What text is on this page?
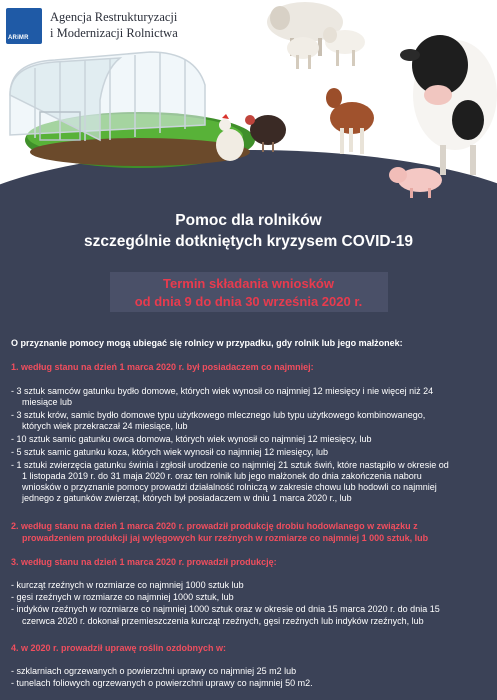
ARiMR
Agencja Restrukturyzacji
i Modernizacji Rolnictwa
Pomoc dla rolników
szczególnie dotkniętych kryzysem COVID-19
Termin składania wniosków
od dnia 9 do dnia 30 września 2020 r.
O przyznanie pomocy mogą ubiegać się rolnicy w przypadku, gdy rolnik lub jego małżonek:
1. według stanu na dzień 1 marca 2020 r. był posiadaczem co najmniej:
- 3 sztuk samców gatunku bydło domowe, których wiek wynosił co najmniej 12 miesięcy i nie więcej niż 24
miesiące lub
- 3 sztuk krów, samic bydło domowe typu użytkowego mlecznego lub typu użytkowego kombinowanego,
których wiek przekraczał 24 miesiące, lub
- 10 sztuk samic gatunku owca domowa, których wiek wynosił co najmniej 12 miesięcy, lub
- 5 sztuk samic gatunku koza, których wiek wynosił co najmniej 12 miesięcy, lub
- 1 sztuki zwierzęcia gatunku świnia i zgłosił urodzenie co najmniej 21 sztuk świń, które nastąpiło w okresie od
1 listopada 2019 r. do 31 maja 2020 r. oraz ten rolnik lub jego małżonek do dnia zakończenia naboru
wniosków o przyznanie pomocy prowadzi działalność rolniczą w zakresie chowu lub hodowli co najmniej
jednego z gatunków zwierząt, których był posiadaczem w dniu 1 marca 2020 r., lub
2. według stanu na dzień 1 marca 2020 r. prowadził produkcję drobiu hodowlanego w związku z
prowadzeniem produkcji jaj wylęgowych kur rzeźnych w rozmiarze co najmniej 1 000 sztuk, lub
3. według stanu na dzień 1 marca 2020 r. prowadził produkcję:
- kurcząt rzeźnych w rozmiarze co najmniej 1000 sztuk lub
- gęsi rzeźnych w rozmiarze co najmniej 1000 sztuk, lub
- indyków rzeźnych w rozmiarze co najmniej 1000 sztuk oraz w okresie od dnia 15 marca 2020 r. do dnia 15
czerwca 2020 r. dokonał przemieszczenia kurcząt rzeźnych, gęsi rzeźnych lub indyków rzeźnych, lub
4. w 2020 r. prowadził uprawę roślin ozdobnych w:
- szklarniach ogrzewanych o powierzchni uprawy co najmniej 25 m2 lub
- tunelach foliowych ogrzewanych o powierzchni uprawy co najmniej 50 m2.
